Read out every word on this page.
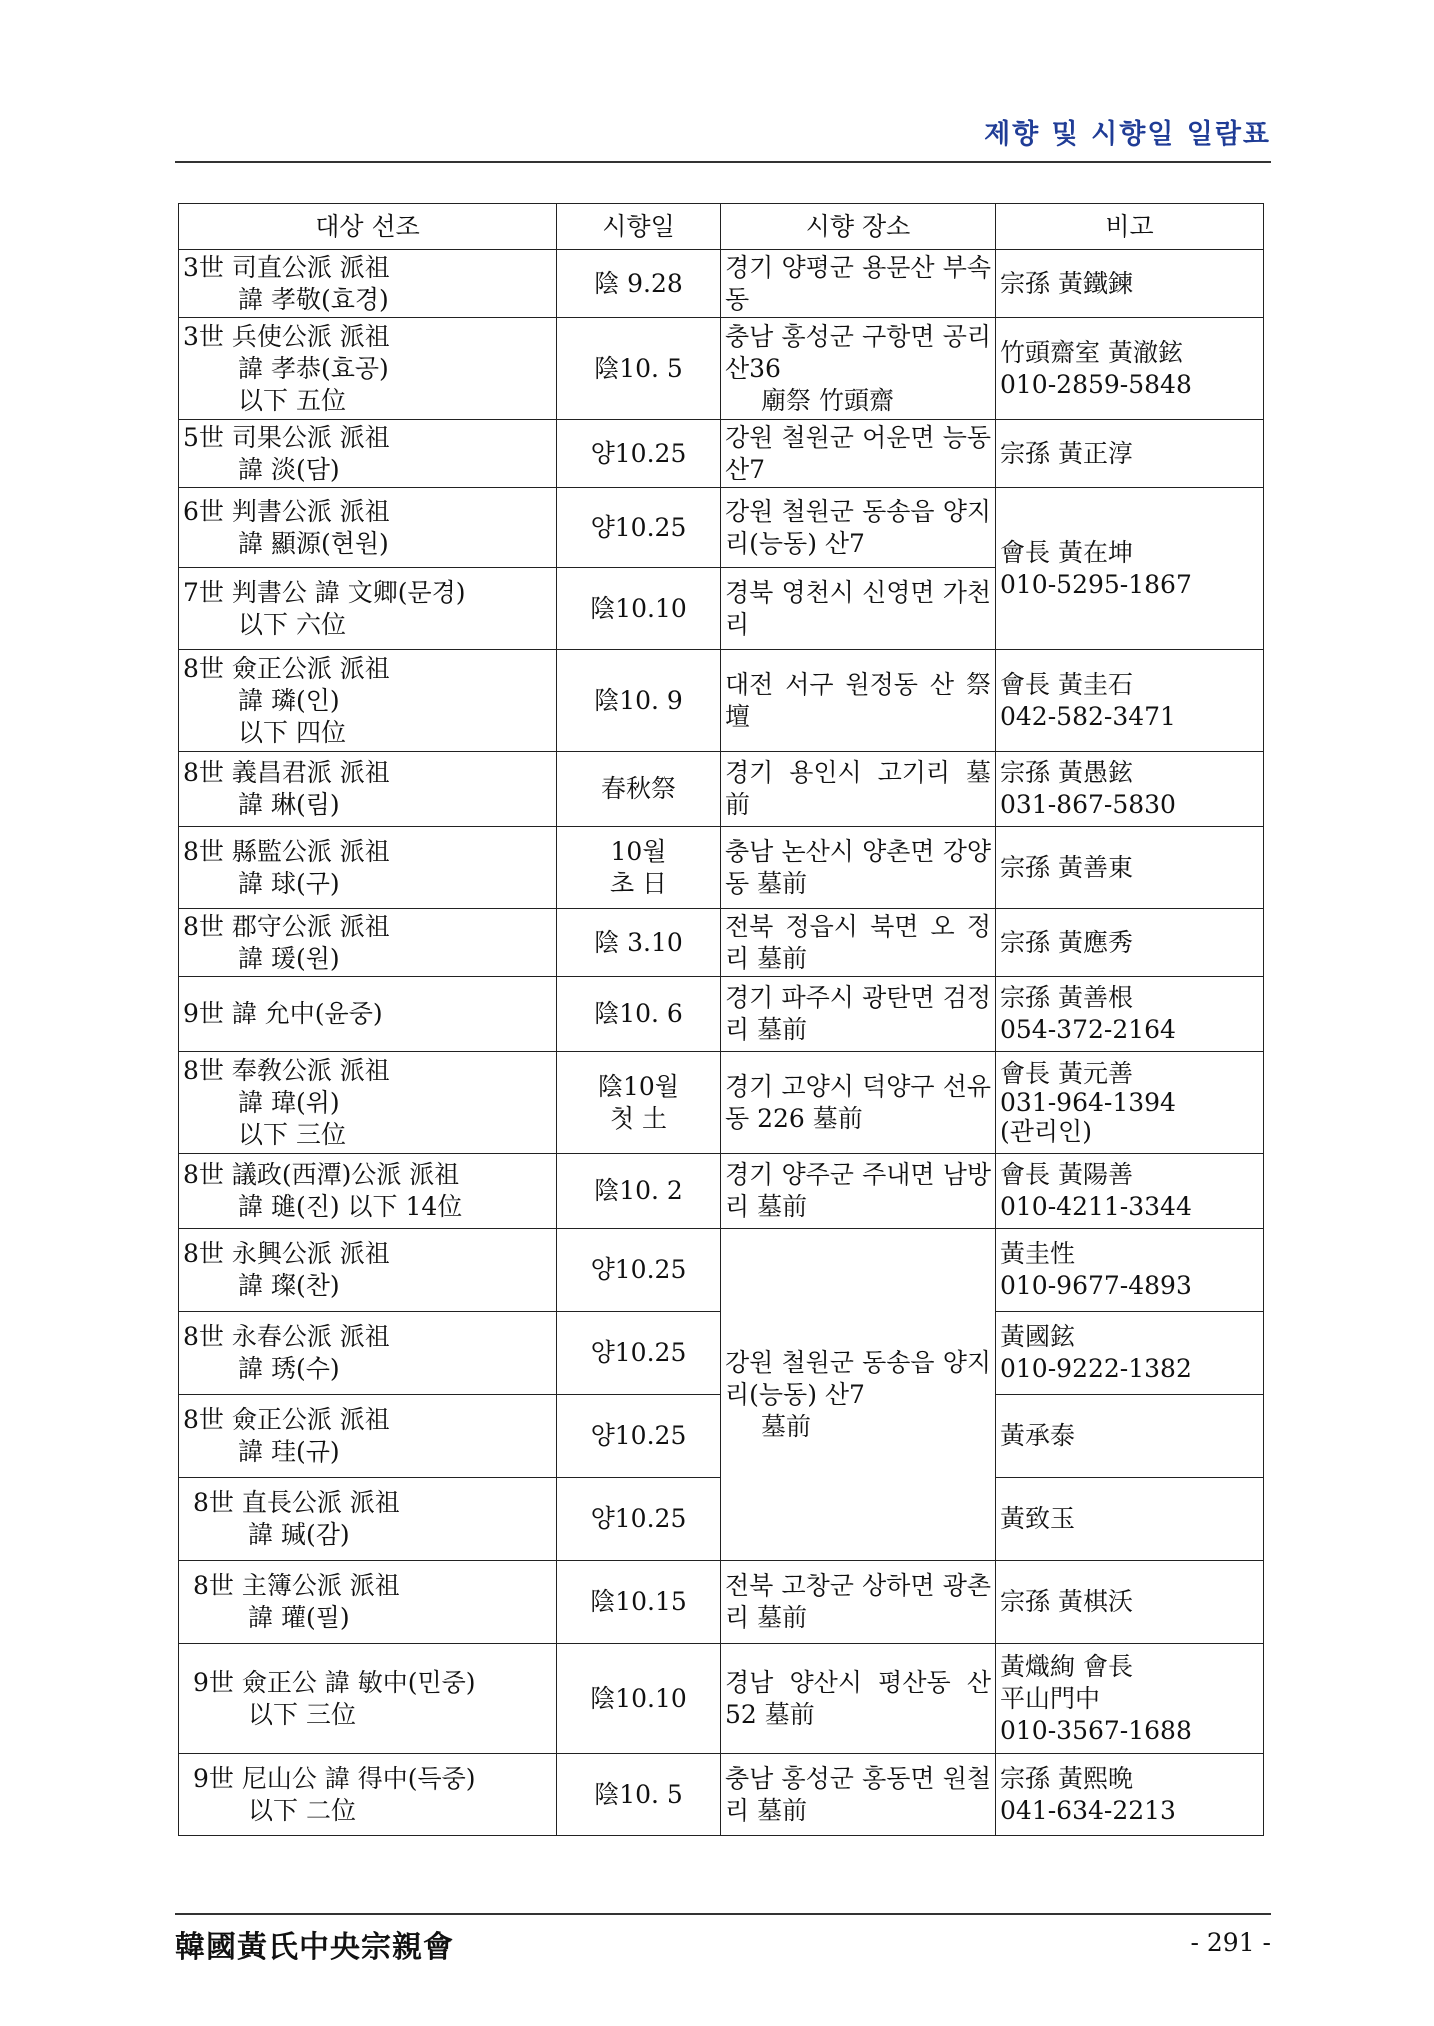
제향 및 시향일 일람표
대상 선조	시향일	시향 장소	비고

3世 司直公派 派祖
諱 孝敬(효경)	陰 9.28	경기 양평군 용문산 부속동	宗孫 黃鐵鍊

3世 兵使公派 派祖
諱 孝恭(효공)
以下 五位	陰10. 5	충남 홍성군 구항면 공리 산36
廟祭 竹頭齋	竹頭齋室 黃澈鉉
010-2859-5848

5世 司果公派 派祖
諱 淡(담)	양10.25	강원 철원군 어운면 능동 산7	宗孫 黃正淳

6世 判書公派 派祖
諱 顯源(현원)	양10.25	강원 철원군 동송읍 양지리(능동) 산7	會長 黃在坤
010-5295-1867

7世 判書公 諱 文卿(문경)
以下 六位	陰10.10	경북 영천시 신영면 가천리	

8世 僉正公派 派祖
諱 璘(인)
以下 四位	陰10. 9	대전 서구 원정동 산 祭壇	會長 黃圭石
042-582-3471

8世 義昌君派 派祖
諱 琳(림)	春秋祭	경기 용인시 고기리 墓前	宗孫 黃愚鉉
031-867-5830

8世 縣監公派 派祖
諱 球(구)	10월
초 日	충남 논산시 양촌면 강양동 墓前	宗孫 黃善東

8世 郡守公派 派祖
諱 瑗(원)	陰 3.10	전북 정읍시 북면 오 정리 墓前	宗孫 黃應秀

9世 諱 允中(윤중)	陰10. 6	경기 파주시 광탄면 검정리 墓前	宗孫 黃善根
054-372-2164

8世 奉敎公派 派祖
諱 瑋(위)
以下 三位	陰10월
첫 土	경기 고양시 덕양구 선유동 226 墓前	會長 黃元善
031-964-1394
(관리인)

8世 議政(西潭)公派 派祖
諱 璡(진) 以下 14位	陰10. 2	경기 양주군 주내면 남방리 墓前	會長 黃陽善
010-4211-3344

8世 永興公派 派祖
諱 璨(찬)	양10.25	강원 철원군 동송읍 양지리(능동) 산7
墓前	黃圭性
010-9677-4893

8世 永春公派 派祖
諱 琇(수)	양10.25		黃國鉉
010-9222-1382

8世 僉正公派 派祖
諱 珪(규)	양10.25		黃承泰

8世 直長公派 派祖
諱 瑊(감)	양10.25		黃致玉

8世 主簿公派 派祖
諱 瓘(필)	陰10.15	전북 고창군 상하면 광촌리 墓前	宗孫 黃棋沃

9世 僉正公 諱 敏中(민중)
以下 三位	陰10.10	경남 양산시 평산동 산52 墓前	黃熾絢 會長
平山門中
010-3567-1688

9世 尼山公 諱 得中(득중)
以下 二位	陰10. 5	충남 홍성군 홍동면 원철리 墓前	宗孫 黃熙晩
041-634-2213
韓國黃氏中央宗親會	- 291 -
